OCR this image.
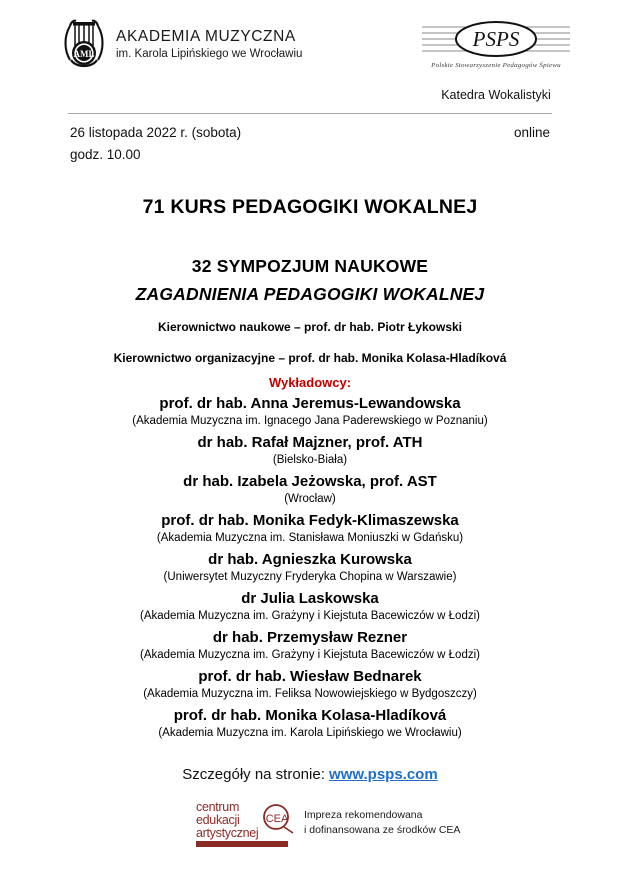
AML
AKADEMIA MUZYCZNA
im. Karola Lipińskiego we Wrocławiu
PSPS
Polskie Stowarzyszenie Pedagogów Śpiewu
Katedra Wokalistyki
26 listopada 2022 r. (sobota)	online
godz. 10.00
71 KURS PEDAGOGIKI WOKALNEJ
32 SYMPOZJUM NAUKOWE
ZAGADNIENIA PEDAGOGIKI WOKALNEJ
Kierownictwo naukowe – prof. dr hab. Piotr Łykowski
Kierownictwo organizacyjne – prof. dr hab. Monika Kolasa-Hladíková
Wykładowcy:
prof. dr hab. Anna Jeremus-Lewandowska
(Akademia Muzyczna im. Ignacego Jana Paderewskiego w Poznaniu)
dr hab. Rafał Majzner, prof. ATH
(Bielsko-Biała)
dr hab. Izabela Jeżowska, prof. AST
(Wrocław)
prof. dr hab. Monika Fedyk-Klimaszewska
(Akademia Muzyczna im. Stanisława Moniuszki w Gdańsku)
dr hab. Agnieszka Kurowska
(Uniwersytet Muzyczny Fryderyka Chopina w Warszawie)
dr Julia Laskowska
(Akademia Muzyczna im. Grażyny i Kiejstuta Bacewiczów w Łodzi)
dr hab. Przemysław Rezner
(Akademia Muzyczna im. Grażyny i Kiejstuta Bacewiczów w Łodzi)
prof. dr hab. Wiesław Bednarek
(Akademia Muzyczna im. Feliksa Nowowiejskiego w Bydgoszczy)
prof. dr hab. Monika Kolasa-Hladíková
(Akademia Muzyczna im. Karola Lipińskiego we Wrocławiu)
Szczegóły na stronie: www.psps.com
centrum
edukacji
artystycznej
CEA Impreza rekomendowana
i dofinansowana ze środków CEA
